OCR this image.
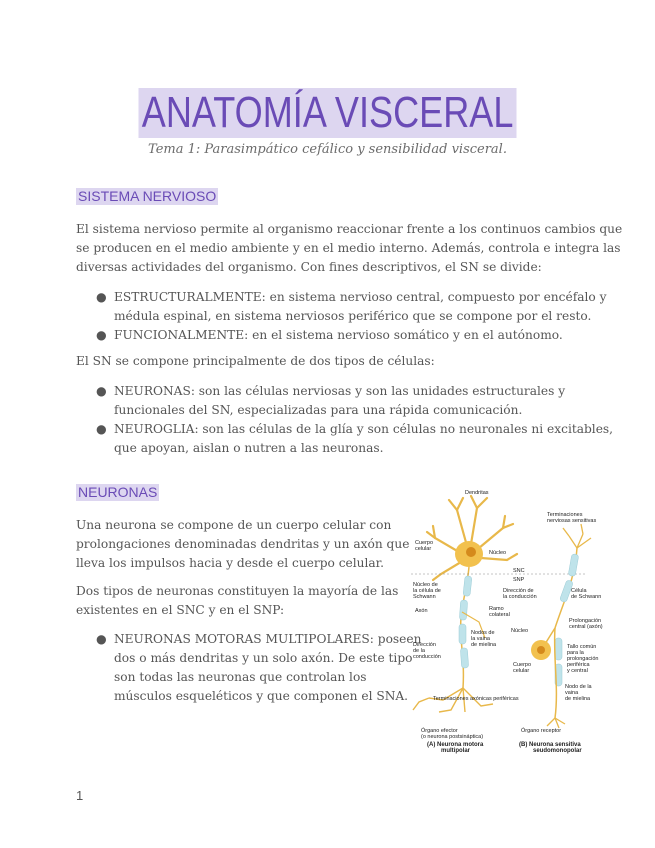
ANATOMÍA VISCERAL
Tema 1: Parasimpático cefálico y sensibilidad visceral.
SISTEMA NERVIOSO
El sistema nervioso permite al organismo reaccionar frente a los continuos cambios que
se producen en el medio ambiente y en el medio interno. Además, controla e integra las
diversas actividades del organismo. Con fines descriptivos, el SN se divide:
● ESTRUCTURALMENTE: en sistema nervioso central, compuesto por encéfalo y
médula espinal, en sistema nerviosos periférico que se compone por el resto.
● FUNCIONALMENTE: en el sistema nervioso somático y en el autónomo.
El SN se compone principalmente de dos tipos de células:
● NEURONAS: son las células nerviosas y son las unidades estructurales y
funcionales del SN, especializadas para una rápida comunicación.
● NEUROGLIA: son las células de la glía y son células no neuronales ni excitables,
que apoyan, aislan o nutren a las neuronas.
NEURONAS
Una neurona se compone de un cuerpo celular con
prolongaciones denominadas dendritas y un axón que
lleva los impulsos hacia y desde el cuerpo celular.
Dos tipos de neuronas constituyen la mayoría de las
existentes en el SNC y en el SNP:
● NEURONAS MOTORAS MULTIPOLARES: poseen
dos o más dendritas y un solo axón. De este tipo
son todas las neuronas que controlan los
músculos esqueléticos y que componen el SNA.
Dendritas
Terminaciones nerviosas sensitivas
Cuerpo celular
Núcleo
SNC
SNP
Núcleo de la célula de Schwann
Dirección de la conducción
Célula de Schwann
Axón	Ramo colateral
Prolongación central (axón)
Núcleo
Nodos de la vaina de mielina
Dirección de la conducción
Tallo común para la prolongación periférica y central
Cuerpo celular
Nodo de la vaina de mielina
Terminaciones axónicas periféricas
Órgano efector (o neurona postsináptica)
Órgano receptor
(A) Neurona motora multipolar
(B) Neurona sensitiva seudomonopolar
1
